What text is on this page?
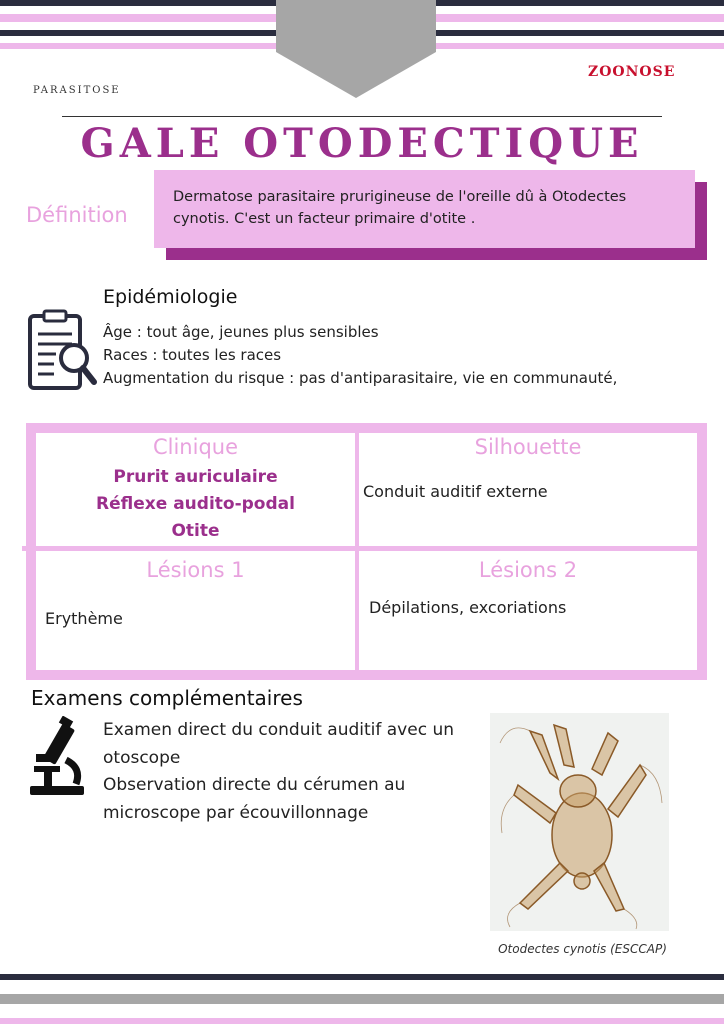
PARASITOSE
ZOONOSE
GALE OTODECTIQUE
Définition
Dermatose parasitaire prurigineuse de l'oreille dû à Otodectes
cynotis. C'est un facteur primaire d'otite .
Epidémiologie
Âge : tout âge, jeunes plus sensibles
Races : toutes les races
Augmentation du risque : pas d'antiparasitaire, vie en communauté,
Clinique
Prurit auriculaire
Réflexe audito-podal
Otite
Silhouette
Conduit auditif externe
Lésions 1
Erythème
Lésions 2
Dépilations, excoriations
Examens complémentaires
Examen direct du conduit auditif avec un
otoscope
Observation directe du cérumen au
microscope par écouvillonnage
Otodectes cynotis (ESCCAP)
